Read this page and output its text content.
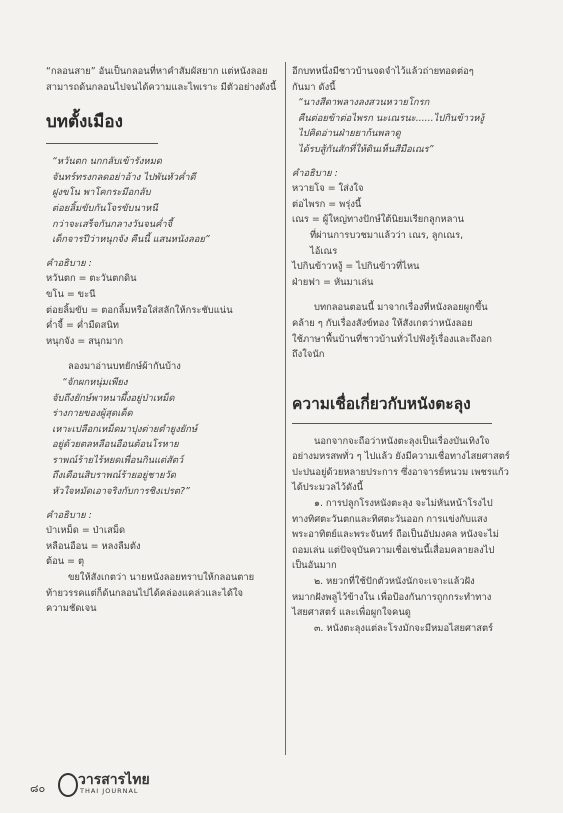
“กลอนสาย” อันเป็นกลอนที่หาคำสัมผัสยาก แต่หนังลอย

สามารถด้นกลอนไปจนได้ความและไพเราะ มีตัวอย่างดังนี้

บทตั้งเมือง

“หวันตก นกกลับเข้ารังหมด

จันทร์ทรงกลดอย่าอ้าง ไปพันหัวค่ำดี

ฝูงขโน พาโคกระมีอกลับ

ต่อยลิ้มขับกันโจรขับนาหนี

กว่าจะเสร็จกันกลางวันจนค่ำจี้

เด็กจารปีว่าหนุกจัง คืนนี้ แสนหนังลอย”

คำอธิบาย :

หวันตก = ตะวันตกดิน

ขโน = ขะนี

ต่อยลิ้มขับ = ตอกลิ้มหรือใส่สลักให้กระชับแน่น

ค่ำจี้ = ค่ำมืดสนิท

หนุกจัง = สนุกมาก

ลองมาอ่านบทยักษ์ผ้ากันบ้าง

“จักผกหนุ่มเพียง

จับถึงยักษ์พาหนาผึ้งอยู่ป่าเหม็ด

ร่างกายของผู้สุดเด็ด

เหาะเปลือกเหม็ดมาปุงต่ายตำยูงยักษ์

อยู่ด้วยตลหลือนอือนต้อนโรหาย

ราพณ์ร้ายไร้หยดเพื่อนกินแต่สัตว์

ถึงเดือนสิบราพณ์ร้ายอยู่ชายวัด

หัวใจหมัดเอาจริงกับการชิงเปรต?”

คำอธิบาย :

ป่าเหม็ด = ป่าเสม็ด

หลือนอือน = หลงลืมตัง

ต้อน = ตุ

ขยให้สังเกตว่า นายหนังลอยทราบให้กลอนตาย

ท้ายวรรคแต่ก็ด้นกลอนไปได้คล่องแคล่วและได้ใจ

ความชัดเจน

อีกบทหนึ่งมีชาวบ้านจดจำไว้แล้วถ่ายทอดต่อๆ

กันมา ดังนี้

“นางสีดาพลางลงสวนหวายโกรก

คืนต่อยข้าต่อไพรก นะเณรนะ......ไปกินข้าวหงู้

ไปคิดอ่านฝ่ายยาก้นพลาดู

ได้รบสู้กันสักที่ให้ดินเห็นสีมือเณร”

คำอธิบาย :

หวายโจ = ใส่งใจ

ต่อไพรก = พรุ่งนี้

เณร = ผู้ใหญ่ทางปักษ์ใต้นิยมเรียกลูกหลาน

ที่ผ่านการบวชมาแล้วว่า เณร, ลูกเณร,

ไอ้เณร

ไปกินข้าวหงู้ = ไปกินข้าวที่ไหน

ฝ่ายฟา = หันมาเล่น

บทกลอนตอนนี้ มาจากเรื่องที่หนังลอยผูกขึ้น

คล้าย ๆ กับเรื่องสังข์ทอง ให้สังเกตว่าหนังลอย

ใช้ภาษาพื้นบ้านที่ชาวบ้านทั่วไปฟังรู้เรื่องและถึงอก

ถึงใจนัก

ความเชื่อเกี่ยวกับหนังตะลุง

นอกจากจะถือว่าหนังตะลุงเป็นเรื่องบันเทิงใจ

อย่างมหรสพทั่ว ๆ ไปแล้ว ยังมีความเชื่อทางไสยศาสตร์

ปะปนอยู่ด้วยหลายประการ ซึ่งอาจารย์หนวม เพชรแก้ว

ได้ประมวลไว้ดังนี้

๑. การปลูกโรงหนังตะลุง จะไม่หันหน้าโรงไป

ทางทิศตะวันตกและทิศตะวันออก การแข่งกับแสง

พระอาทิตย์และพระจันทร์ ถือเป็นอัปมงคล หนังจะไม่

ถอมเล่น แต่ปัจจุบันความเชื่อเช่นนี้เสื่อมคลายลงไป

เป็นอันมาก

๒. หยวกที่ใช้ปักตัวหนังนักจะเจาะแล้วฝัง

หมากฝังพลูไว้ข้างใน เพื่อป้องกันการถูกกระทำทาง

ไสยศาสตร์ และเพื่อผูกใจคนดู

๓. หนังตะลุงแต่ละโรงมักจะมีหมอไสยศาสตร์

๘๐
วารสารไทย
THAI JOURNAL
